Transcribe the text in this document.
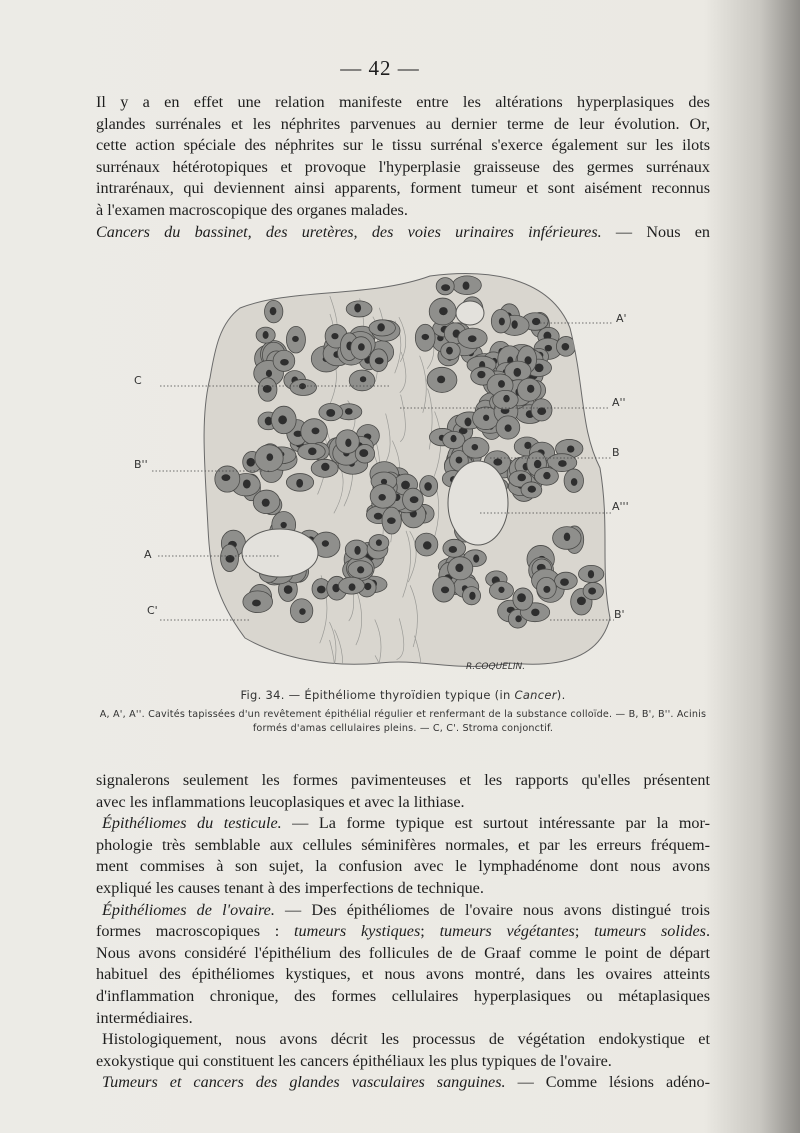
— 42 —
Il y a en effet une relation manifeste entre les altérations hyperplasiques des
glandes surrénales et les néphrites parvenues au dernier terme de leur évolution. Or,
cette action spéciale des néphrites sur le tissu surrénal s'exerce également sur les ilots
surrénaux hétérotopiques et provoque l'hyperplasie graisseuse des germes surrénaux
intrarénaux, qui deviennent ainsi apparents, forment tumeur et sont aisément reconnus
à l'examen macroscopique des organes malades.
Cancers du bassinet, des uretères, des voies urinaires inférieures. — Nous en
A'
A''
B
A'''
B'
C
B''
A
C'
R.COQUELIN.
Fig. 34. — Épithéliome thyroïdien typique (in Cancer).
A, A', A''. Cavités tapissées d'un revêtement épithélial régulier et renfermant de la substance colloïde. — B, B', B''. Acinis
formés d'amas cellulaires pleins. — C, C'. Stroma conjonctif.
signalerons seulement les formes pavimenteuses et les rapports qu'elles présentent
avec les inflammations leucoplasiques et avec la lithiase.
Épithéliomes du testicule. — La forme typique est surtout intéressante par la mor-
phologie très semblable aux cellules séminifères normales, et par les erreurs fréquem-
ment commises à son sujet, la confusion avec le lymphadénome dont nous avons
expliqué les causes tenant à des imperfections de technique.
Épithéliomes de l'ovaire. — Des épithéliomes de l'ovaire nous avons distingué trois
formes macroscopiques : tumeurs kystiques; tumeurs végétantes; tumeurs solides.
Nous avons considéré l'épithélium des follicules de de Graaf comme le point de départ
habituel des épithéliomes kystiques, et nous avons montré, dans les ovaires atteints
d'inflammation chronique, des formes cellulaires hyperplasiques ou métaplasiques
intermédiaires.
Histologiquement, nous avons décrit les processus de végétation endokystique et
exokystique qui constituent les cancers épithéliaux les plus typiques de l'ovaire.
Tumeurs et cancers des glandes vasculaires sanguines. — Comme lésions adéno-
